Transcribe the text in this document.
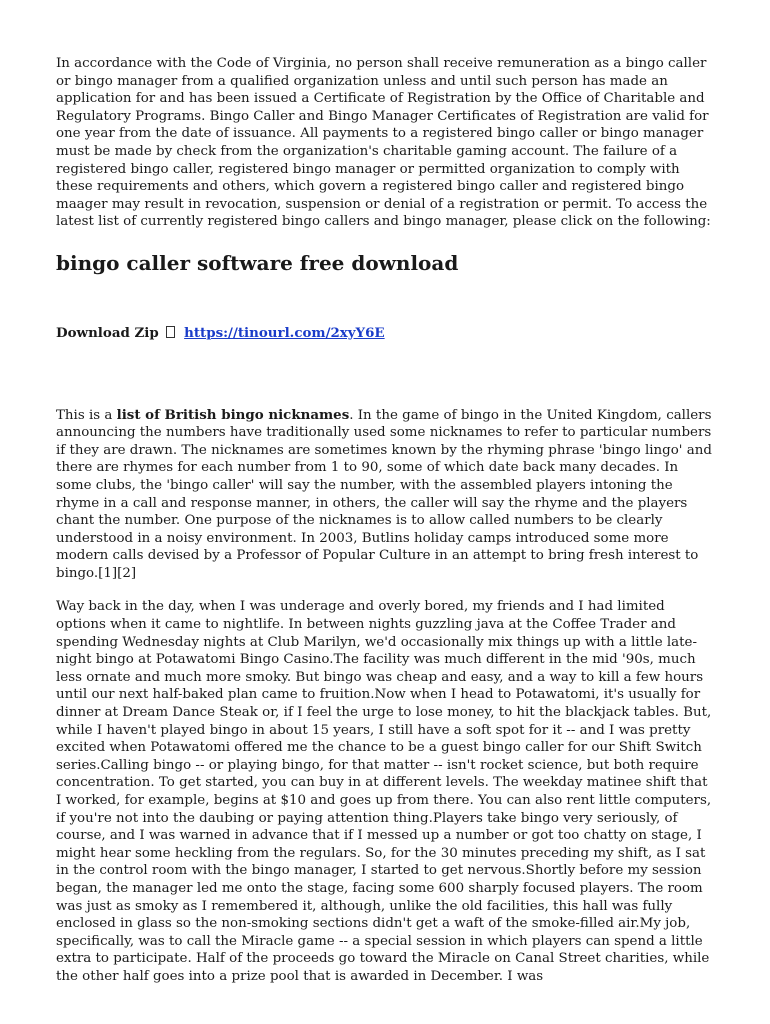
In accordance with the Code of Virginia, no person shall receive remuneration as a bingo caller or bingo manager from a qualified organization unless and until such person has made an application for and has been issued a Certificate of Registration by the Office of Charitable and Regulatory Programs. Bingo Caller and Bingo Manager Certificates of Registration are valid for one year from the date of issuance. All payments to a registered bingo caller or bingo manager must be made by check from the organization's charitable gaming account. The failure of a registered bingo caller, registered bingo manager or permitted organization to comply with these requirements and others, which govern a registered bingo caller and registered bingo maager may result in revocation, suspension or denial of a registration or permit. To access the latest list of currently registered bingo callers and bingo manager, please click on the following:

bingo caller software free download
Download Zip https://tinourl.com/2xyY6E

This is a list of British bingo nicknames. In the game of bingo in the United Kingdom, callers announcing the numbers have traditionally used some nicknames to refer to particular numbers if they are drawn. The nicknames are sometimes known by the rhyming phrase 'bingo lingo' and there are rhymes for each number from 1 to 90, some of which date back many decades. In some clubs, the 'bingo caller' will say the number, with the assembled players intoning the rhyme in a call and response manner, in others, the caller will say the rhyme and the players chant the number. One purpose of the nicknames is to allow called numbers to be clearly understood in a noisy environment. In 2003, Butlins holiday camps introduced some more modern calls devised by a Professor of Popular Culture in an attempt to bring fresh interest to bingo.[1][2]

Way back in the day, when I was underage and overly bored, my friends and I had limited options when it came to nightlife. In between nights guzzling java at the Coffee Trader and spending Wednesday nights at Club Marilyn, we'd occasionally mix things up with a little late-night bingo at Potawatomi Bingo Casino.The facility was much different in the mid '90s, much less ornate and much more smoky. But bingo was cheap and easy, and a way to kill a few hours until our next half-baked plan came to fruition.Now when I head to Potawatomi, it's usually for dinner at Dream Dance Steak or, if I feel the urge to lose money, to hit the blackjack tables. But, while I haven't played bingo in about 15 years, I still have a soft spot for it -- and I was pretty excited when Potawatomi offered me the chance to be a guest bingo caller for our Shift Switch series.Calling bingo -- or playing bingo, for that matter -- isn't rocket science, but both require concentration. To get started, you can buy in at different levels. The weekday matinee shift that I worked, for example, begins at $10 and goes up from there. You can also rent little computers, if you're not into the daubing or paying attention thing.Players take bingo very seriously, of course, and I was warned in advance that if I messed up a number or got too chatty on stage, I might hear some heckling from the regulars. So, for the 30 minutes preceding my shift, as I sat in the control room with the bingo manager, I started to get nervous.Shortly before my session began, the manager led me onto the stage, facing some 600 sharply focused players. The room was just as smoky as I remembered it, although, unlike the old facilities, this hall was fully enclosed in glass so the non-smoking sections didn't get a waft of the smoke-filled air.My job, specifically, was to call the Miracle game -- a special session in which players can spend a little extra to participate. Half of the proceeds go toward the Miracle on Canal Street charities, while the other half goes into a prize pool that is awarded in December. I was
